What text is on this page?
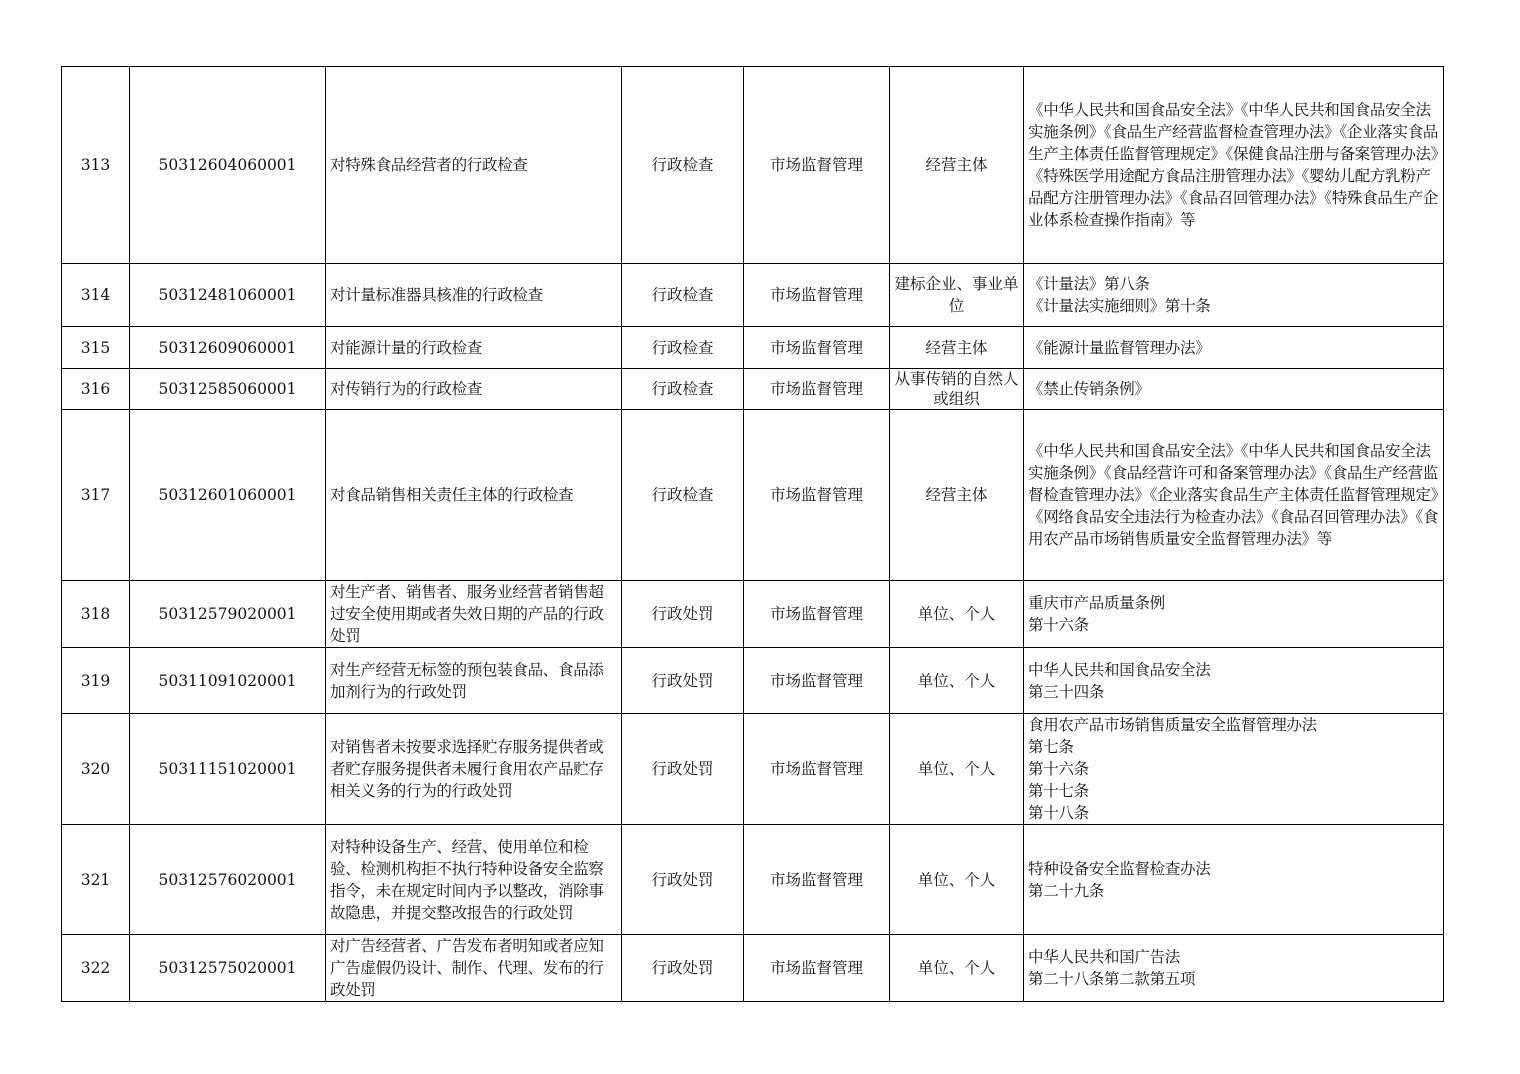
313	50312604060001	对特殊食品经营者的行政检查	行政检查	市场监督管理	经营主体	《中华人民共和国食品安全法》《中华人民共和国食品安全法实施条例》《食品生产经营监督检查管理办法》《企业落实食品生产主体责任监督管理规定》《保健食品注册与备案管理办法》《特殊医学用途配方食品注册管理办法》《婴幼儿配方乳粉产品配方注册管理办法》《食品召回管理办法》《特殊食品生产企业体系检查操作指南》等
314	50312481060001	对计量标准器具核准的行政检查	行政检查	市场监督管理	建标企业、事业单位	《计量法》第八条
《计量法实施细则》第十条
315	50312609060001	对能源计量的行政检查	行政检查	市场监督管理	经营主体	《能源计量监督管理办法》
316	50312585060001	对传销行为的行政检查	行政检查	市场监督管理	从事传销的自然人或组织	《禁止传销条例》
317	50312601060001	对食品销售相关责任主体的行政检查	行政检查	市场监督管理	经营主体	《中华人民共和国食品安全法》《中华人民共和国食品安全法实施条例》《食品经营许可和备案管理办法》《食品生产经营监督检查管理办法》《企业落实食品生产主体责任监督管理规定》《网络食品安全违法行为检查办法》《食品召回管理办法》《食用农产品市场销售质量安全监督管理办法》等
318	50312579020001	对生产者、销售者、服务业经营者销售超过安全使用期或者失效日期的产品的行政处罚	行政处罚	市场监督管理	单位、个人	重庆市产品质量条例
第十六条
319	50311091020001	对生产经营无标签的预包装食品、食品添加剂行为的行政处罚	行政处罚	市场监督管理	单位、个人	中华人民共和国食品安全法
第三十四条
320	50311151020001	对销售者未按要求选择贮存服务提供者或者贮存服务提供者未履行食用农产品贮存相关义务的行为的行政处罚	行政处罚	市场监督管理	单位、个人	食用农产品市场销售质量安全监督管理办法
第七条
第十六条
第十七条
第十八条
321	50312576020001	对特种设备生产、经营、使用单位和检验、检测机构拒不执行特种设备安全监察指令，未在规定时间内予以整改，消除事故隐患，并提交整改报告的行政处罚	行政处罚	市场监督管理	单位、个人	特种设备安全监督检查办法
第二十九条
322	50312575020001	对广告经营者、广告发布者明知或者应知广告虚假仍设计、制作、代理、发布的行政处罚	行政处罚	市场监督管理	单位、个人	中华人民共和国广告法
第二十八条第二款第五项
